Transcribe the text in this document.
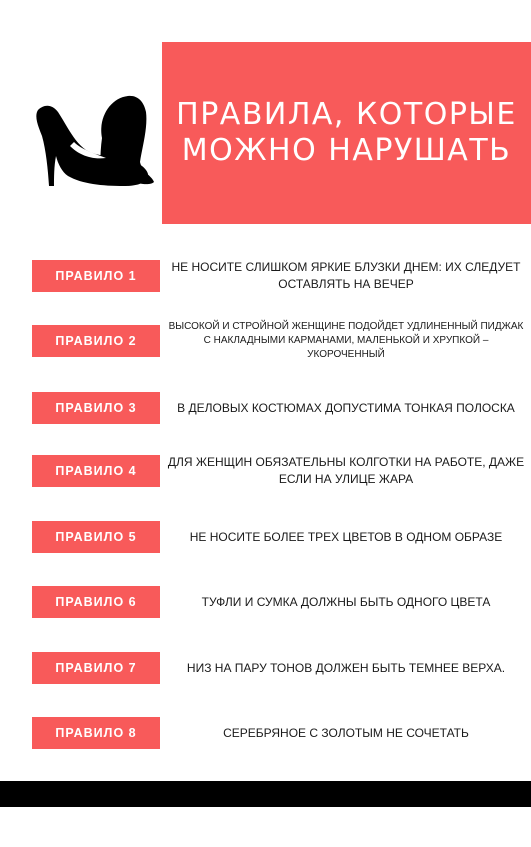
ПРАВИЛА, КОТОРЫЕ
МОЖНО НАРУШАТЬ
ПРАВИЛО 1
НЕ НОСИТЕ СЛИШКОМ ЯРКИЕ БЛУЗКИ ДНЕМ: ИХ СЛЕДУЕТ ОСТАВЛЯТЬ НА ВЕЧЕР
ПРАВИЛО 2
ВЫСОКОЙ И СТРОЙНОЙ ЖЕНЩИНЕ ПОДОЙДЕТ УДЛИНЕННЫЙ ПИДЖАК С НАКЛАДНЫМИ КАРМАНАМИ, МАЛЕНЬКОЙ И ХРУПКОЙ – УКОРОЧЕННЫЙ
ПРАВИЛО 3	В ДЕЛОВЫХ КОСТЮМАХ ДОПУСТИМА ТОНКАЯ ПОЛОСКА
ПРАВИЛО 4
ДЛЯ ЖЕНЩИН ОБЯЗАТЕЛЬНЫ КОЛГОТКИ НА РАБОТЕ, ДАЖЕ ЕСЛИ НА УЛИЦЕ ЖАРА
ПРАВИЛО 5	НЕ НОСИТЕ БОЛЕЕ ТРЕХ ЦВЕТОВ В ОДНОМ ОБРАЗЕ
ПРАВИЛО 6	ТУФЛИ И СУМКА ДОЛЖНЫ БЫТЬ ОДНОГО ЦВЕТА
ПРАВИЛО 7	НИЗ НА ПАРУ ТОНОВ ДОЛЖЕН БЫТЬ ТЕМНЕЕ ВЕРХА.
ПРАВИЛО 8	СЕРЕБРЯНОЕ С ЗОЛОТЫМ НЕ СОЧЕТАТЬ
